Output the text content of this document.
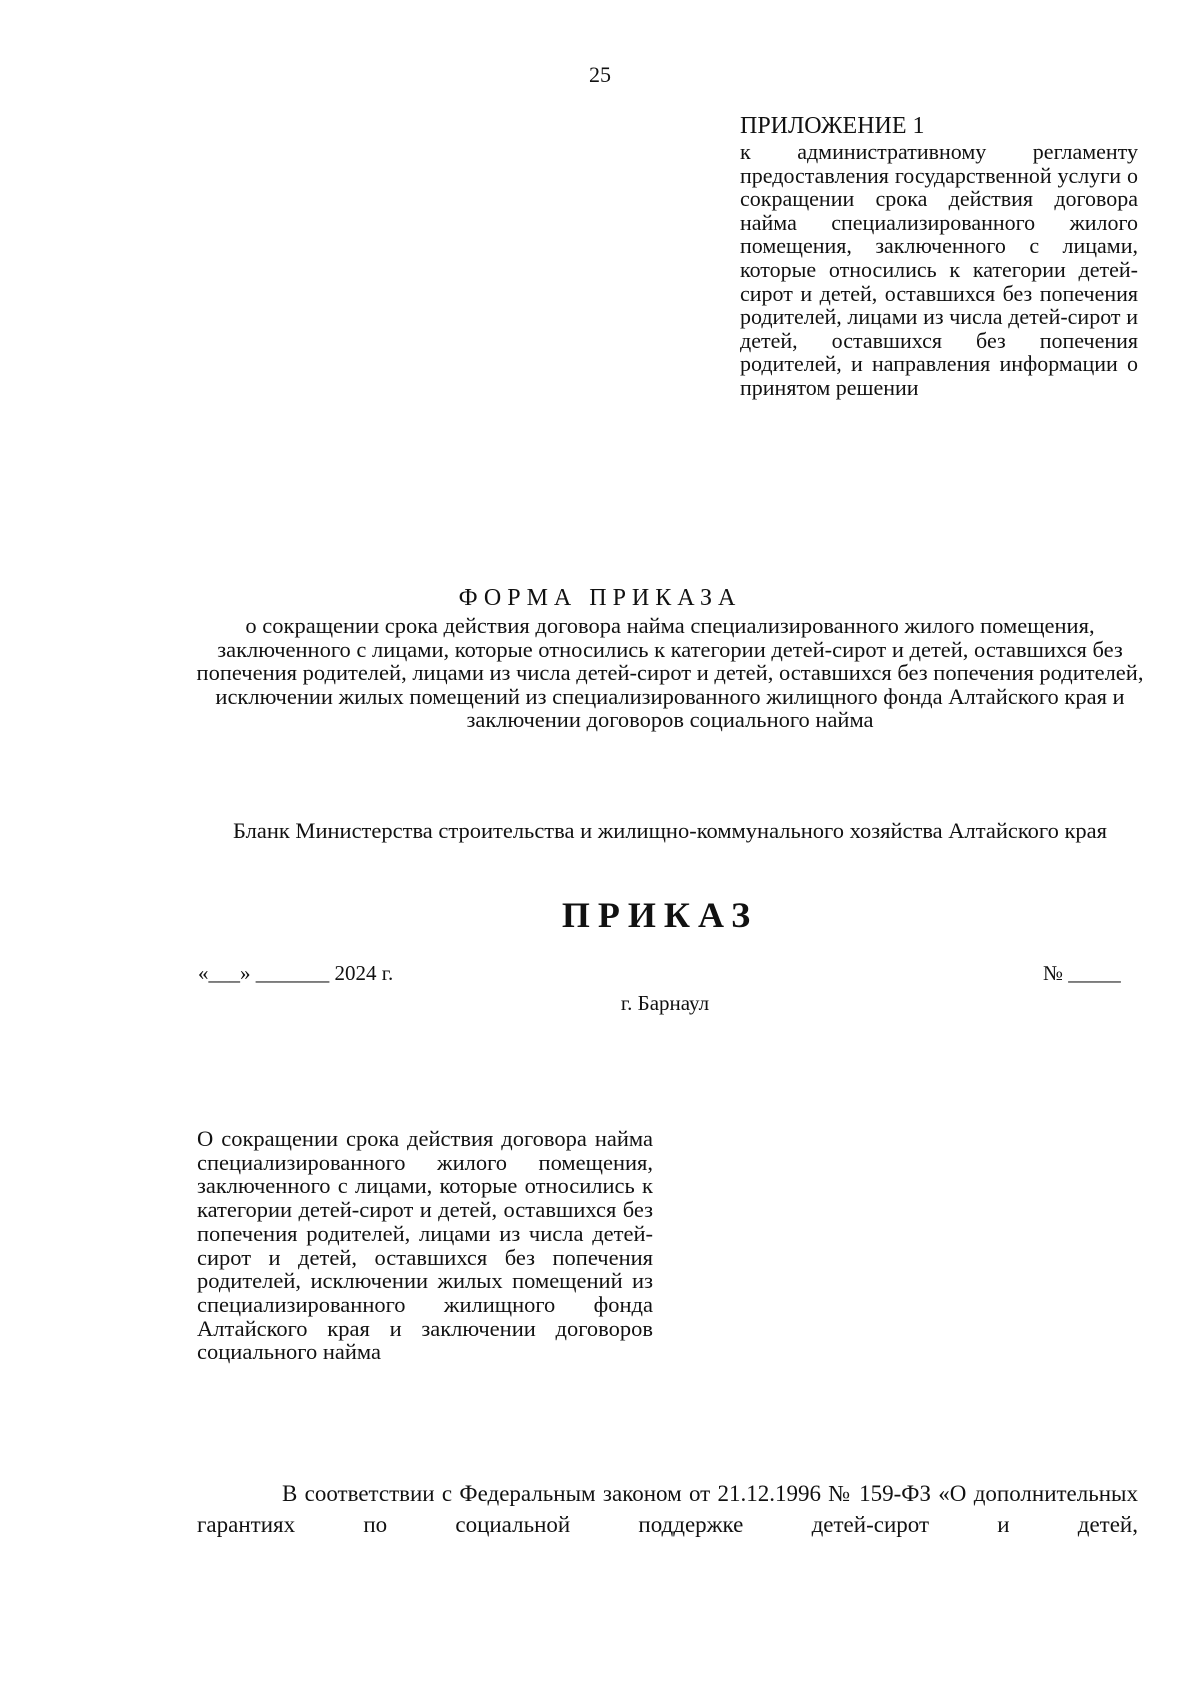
25
ПРИЛОЖЕНИЕ 1
к административному регламенту предоставления государственной услуги о сокращении срока действия договора найма специализированного жилого помещения, заключенного с лицами, которые относились к категории детей-сирот и детей, оставшихся без попечения родителей, лицами из числа детей-сирот и детей, оставшихся без попечения родителей, и направления информации о принятом решении
ФОРМА ПРИКАЗА
о сокращении срока действия договора найма специализированного жилого помещения, заключенного с лицами, которые относились к категории детей-сирот и детей, оставшихся без попечения родителей, лицами из числа детей-сирот и детей, оставшихся без попечения родителей, исключении жилых помещений из специализированного жилищного фонда Алтайского края и заключении договоров социального найма
Бланк Министерства строительства и жилищно-коммунального хозяйства Алтайского края
ПРИКАЗ
«___» _______ 2024 г.	№ _____
г. Барнаул
О сокращении срока действия договора найма специализированного жилого помещения, заключенного с лицами, которые относились к категории детей-сирот и детей, оставшихся без попечения родителей, лицами из числа детей-сирот и детей, оставшихся без попечения родителей, исключении жилых помещений из специализированного жилищного фонда Алтайского края и заключении договоров социального найма
В соответствии с Федеральным законом от 21.12.1996 № 159-ФЗ «О дополнительных гарантиях по социальной поддержке детей-сирот и детей,
